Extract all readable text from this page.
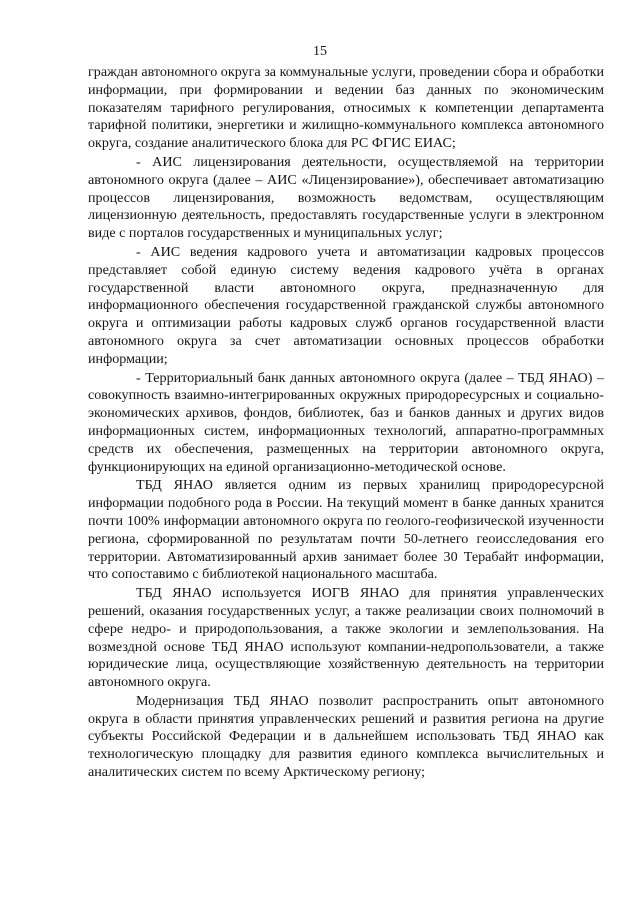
15

граждан автономного округа за коммунальные услуги, проведении сбора и обработки информации, при формировании и ведении баз данных по экономическим показателям тарифного регулирования, относимых к компетенции департамента тарифной политики, энергетики и жилищно-коммунального комплекса автономного округа, создание аналитического блока для РС ФГИС ЕИАС;

- АИС лицензирования деятельности, осуществляемой на территории автономного округа (далее – АИС «Лицензирование»), обеспечивает автоматизацию процессов лицензирования, возможность ведомствам, осуществляющим лицензионную деятельность, предоставлять государственные услуги в электронном виде с порталов государственных и муниципальных услуг;

- АИС ведения кадрового учета и автоматизации кадровых процессов представляет собой единую систему ведения кадрового учёта в органах государственной власти автономного округа, предназначенную для информационного обеспечения государственной гражданской службы автономного округа и оптимизации работы кадровых служб органов государственной власти автономного округа за счет автоматизации основных процессов обработки информации;

- Территориальный банк данных автономного округа (далее – ТБД ЯНАО) – совокупность взаимно-интегрированных окружных природоресурсных и социально-экономических архивов, фондов, библиотек, баз и банков данных и других видов информационных систем, информационных технологий, аппаратно-программных средств их обеспечения, размещенных на территории автономного округа, функционирующих на единой организационно-методической основе.

ТБД ЯНАО является одним из первых хранилищ природоресурсной информации подобного рода в России. На текущий момент в банке данных хранится почти 100% информации автономного округа по геолого-геофизической изученности региона, сформированной по результатам почти 50-летнего геоисследования его территории. Автоматизированный архив занимает более 30 Терабайт информации, что сопоставимо с библиотекой национального масштаба.

ТБД ЯНАО используется ИОГВ ЯНАО для принятия управленческих решений, оказания государственных услуг, а также реализации своих полномочий в сфере недро- и природопользования, а также экологии и землепользования. На возмездной основе ТБД ЯНАО используют компании-недропользователи, а также юридические лица, осуществляющие хозяйственную деятельность на территории автономного округа.

Модернизация ТБД ЯНАО позволит распространить опыт автономного округа в области принятия управленческих решений и развития региона на другие субъекты Российской Федерации и в дальнейшем использовать ТБД ЯНАО как технологическую площадку для развития единого комплекса вычислительных и аналитических систем по всему Арктическому региону;
